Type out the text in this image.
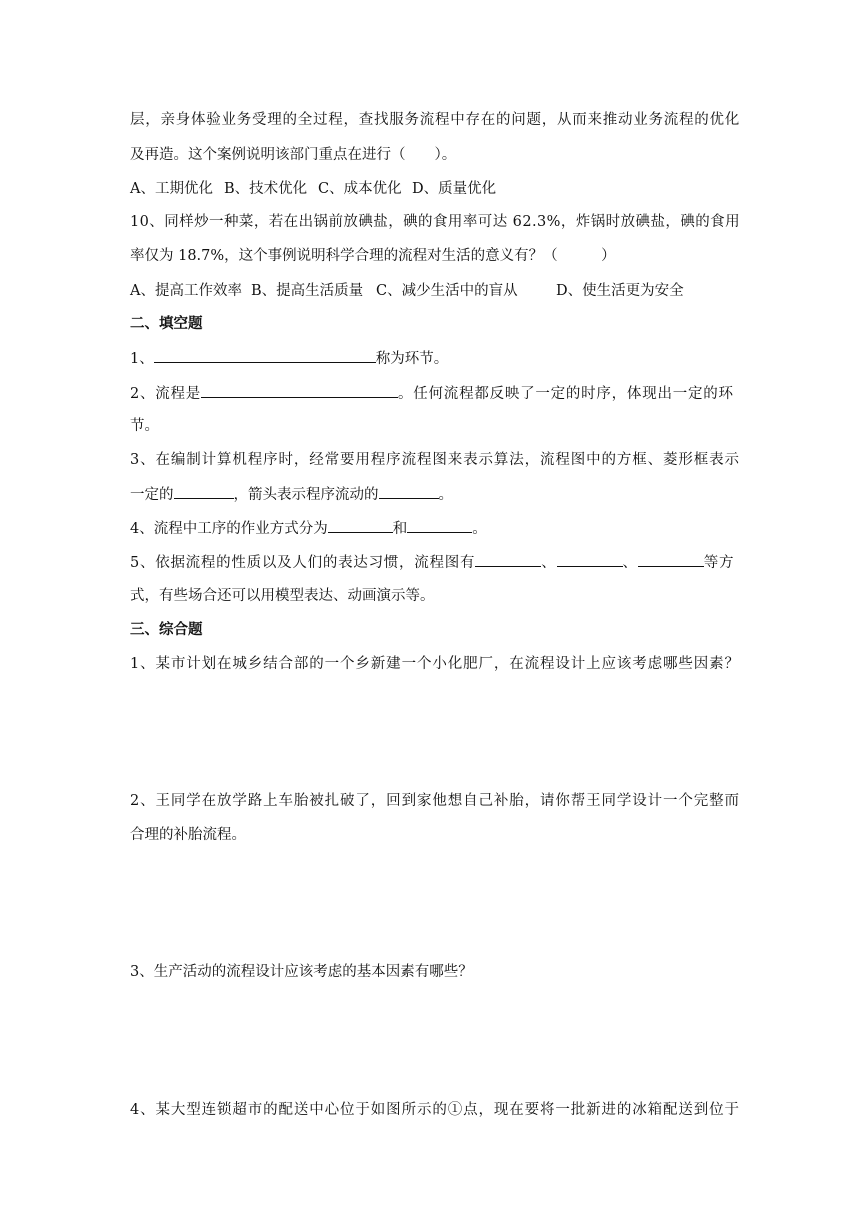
层，亲身体验业务受理的全过程，查找服务流程中存在的问题，从而来推动业务流程的优化
及再造。这个案例说明该部门重点在进行（　　）。
A、工期优化 B、技术优化 C、成本优化 D、质量优化
10、同样炒一种菜，若在出锅前放碘盐，碘的食用率可达 62.3%，炸锅时放碘盐，碘的食用
率仅为 18.7%，这个事例说明科学合理的流程对生活的意义有？（　　　）
A、提高工作效率 B、提高生活质量 C、减少生活中的盲从	D、使生活更为安全
二、填空题
1、	称为环节。
2、流程是	。任何流程都反映了一定的时序，体现出一定的环
节。
3、在编制计算机程序时，经常要用程序流程图来表示算法，流程图中的方框、菱形框表示
一定的	，箭头表示程序流动的	。
4、流程中工序的作业方式分为	和	。
5、依据流程的性质以及人们的表达习惯，流程图有	、	、	等方
式，有些场合还可以用模型表达、动画演示等。
三、综合题
1、某市计划在城乡结合部的一个乡新建一个小化肥厂，在流程设计上应该考虑哪些因素？
2、王同学在放学路上车胎被扎破了，回到家他想自己补胎，请你帮王同学设计一个完整而
合理的补胎流程。
3、生产活动的流程设计应该考虑的基本因素有哪些？
4、某大型连锁超市的配送中心位于如图所示的①点，现在要将一批新进的冰箱配送到位于
